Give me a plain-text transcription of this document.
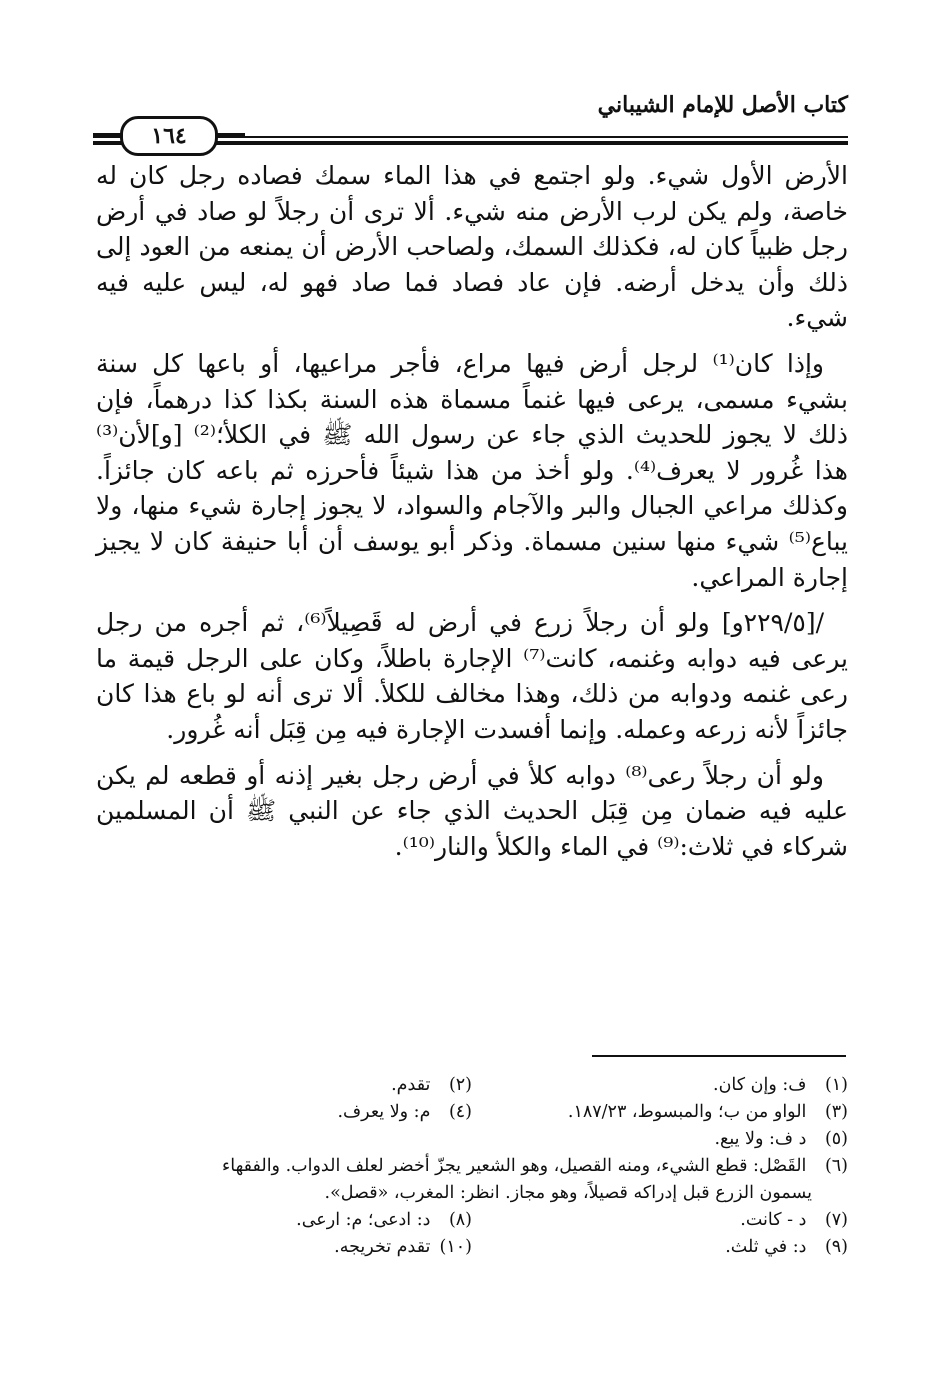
كتاب الأصل للإمام الشيباني
١٦٤

الأرض الأول شيء. ولو اجتمع في هذا الماء سمك فصاده رجل كان له خاصة، ولم يكن لرب الأرض منه شيء. ألا ترى أن رجلاً لو صاد في أرض رجل ظبياً كان له، فكذلك السمك، ولصاحب الأرض أن يمنعه من العود إلى ذلك وأن يدخل أرضه. فإن عاد فصاد فما صاد فهو له، ليس عليه فيه شيء.

وإذا كان⁽¹⁾ لرجل أرض فيها مراع، فأجر مراعيها، أو باعها كل سنة بشيء مسمى، يرعى فيها غنماً مسماة هذه السنة بكذا كذا درهماً، فإن ذلك لا يجوز للحديث الذي جاء عن رسول الله ﷺ في الكلأ؛⁽²⁾ [و]لأن⁽³⁾ هذا غُرور لا يعرف⁽⁴⁾. ولو أخذ من هذا شيئاً فأحرزه ثم باعه كان جائزاً. وكذلك مراعي الجبال والبر والآجام والسواد، لا يجوز إجارة شيء منها، ولا يباع⁽⁵⁾ شيء منها سنين مسماة. وذكر أبو يوسف أن أبا حنيفة كان لا يجيز إجارة المراعي.

/[٢٢٩/٥و] ولو أن رجلاً زرع في أرض له قَصِيلاً⁽⁶⁾، ثم أجره من رجل يرعى فيه دوابه وغنمه، كانت⁽⁷⁾ الإجارة باطلاً، وكان على الرجل قيمة ما رعى غنمه ودوابه من ذلك، وهذا مخالف للكلأ. ألا ترى أنه لو باع هذا كان جائزاً لأنه زرعه وعمله. وإنما أفسدت الإجارة فيه مِن قِبَل أنه غُرور.

ولو أن رجلاً رعى⁽⁸⁾ دوابه كلأ في أرض رجل بغير إذنه أو قطعه لم يكن عليه فيه ضمان مِن قِبَل الحديث الذي جاء عن النبي ﷺ أن المسلمين شركاء في ثلاث:⁽⁹⁾ في الماء والكلأ والنار⁽¹⁰⁾.

(١) ف: وإن كان.
(٢) تقدم.
(٣) الواو من ب؛ والمبسوط، ١٨٧/٢٣.
(٤) م: ولا يعرف.
(٥) د ف: ولا يبع.
(٦) القَصْل: قطع الشيء، ومنه القصيل، وهو الشعير يجزّ أخضر لعلف الدواب. والفقهاء
يسمون الزرع قبل إدراكه قصيلاً، وهو مجاز. انظر: المغرب، «قصل».
(٧) د - كانت.
(٨) د: ادعى؛ م: ارعى.
(٩) د: في ثلث.
(١٠) تقدم تخريجه.
